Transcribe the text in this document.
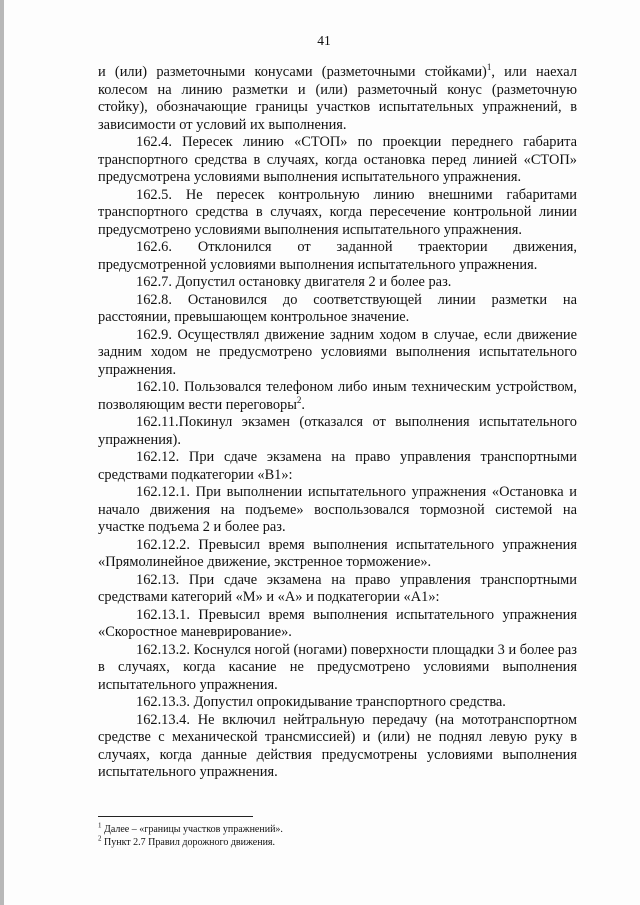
41

и (или) разметочными конусами (разметочными стойками)$^1$, или наехал колесом на линию разметки и (или) разметочный конус (разметочную стойку), обозначающие границы участков испытательных упражнений, в зависимости от условий их выполнения.

162.4. Пересек линию «СТОП» по проекции переднего габарита транспортного средства в случаях, когда остановка перед линией «СТОП» предусмотрена условиями выполнения испытательного упражнения.

162.5. Не пересек контрольную линию внешними габаритами транспортного средства в случаях, когда пересечение контрольной линии предусмотрено условиями выполнения испытательного упражнения.

162.6. Отклонился от заданной траектории движения, предусмотренной условиями выполнения испытательного упражнения.

162.7. Допустил остановку двигателя 2 и более раз.

162.8. Остановился до соответствующей линии разметки на расстоянии, превышающем контрольное значение.

162.9. Осуществлял движение задним ходом в случае, если движение задним ходом не предусмотрено условиями выполнения испытательного упражнения.

162.10. Пользовался телефоном либо иным техническим устройством, позволяющим вести переговоры$^2$.

162.11.Покинул экзамен (отказался от выполнения испытательного упражнения).

162.12. При сдаче экзамена на право управления транспортными средствами подкатегории «B1»:

162.12.1. При выполнении испытательного упражнения «Остановка и начало движения на подъеме» воспользовался тормозной системой на участке подъема 2 и более раз.

162.12.2. Превысил время выполнения испытательного упражнения «Прямолинейное движение, экстренное торможение».

162.13. При сдаче экзамена на право управления транспортными средствами категорий «M» и «A» и подкатегории «A1»:

162.13.1. Превысил время выполнения испытательного упражнения «Скоростное маневрирование».

162.13.2. Коснулся ногой (ногами) поверхности площадки 3 и более раз в случаях, когда касание не предусмотрено условиями выполнения испытательного упражнения.

162.13.3. Допустил опрокидывание транспортного средства.

162.13.4. Не включил нейтральную передачу (на мототранспортном средстве с механической трансмиссией) и (или) не поднял левую руку в случаях, когда данные действия предусмотрены условиями выполнения испытательного упражнения.

$^1$ Далее – «границы участков упражнений».

$^2$ Пункт 2.7 Правил дорожного движения.
